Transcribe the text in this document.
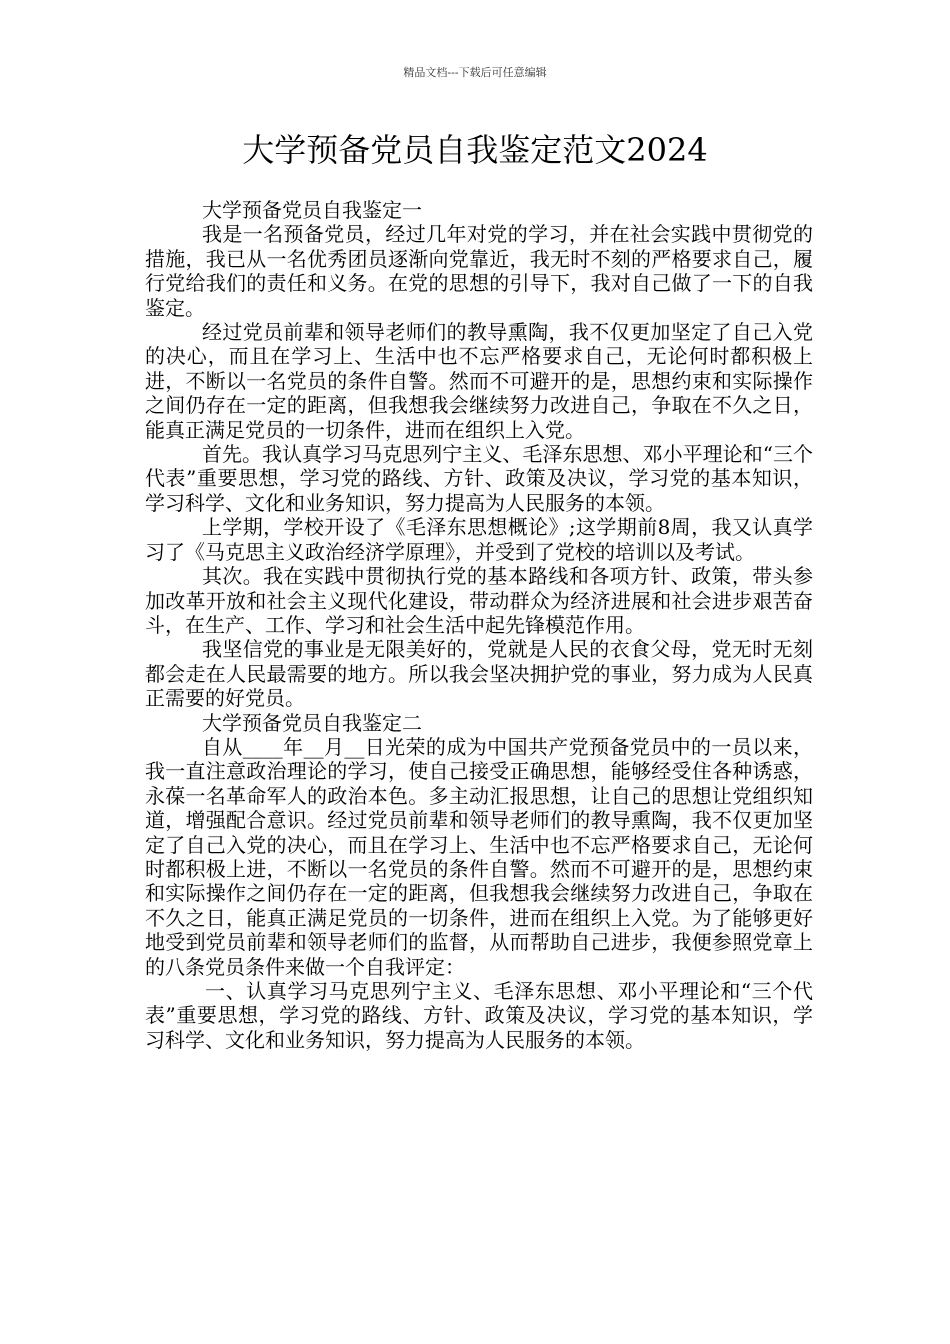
精品文档---下载后可任意编辑
大学预备党员自我鉴定范文2024

大学预备党员自我鉴定一

我是一名预备党员，经过几年对党的学习，并在社会实践中贯彻党的措施，我已从一名优秀团员逐渐向党靠近，我无时不刻的严格要求自己，履行党给我们的责任和义务。在党的思想的引导下，我对自己做了一下的自我鉴定。

经过党员前辈和领导老师们的教导熏陶，我不仅更加坚定了自己入党的决心，而且在学习上、生活中也不忘严格要求自己，无论何时都积极上进，不断以一名党员的条件自警。然而不可避开的是，思想约束和实际操作之间仍存在一定的距离，但我想我会继续努力改进自己，争取在不久之日，能真正满足党员的一切条件，进而在组织上入党。

首先。我认真学习马克思列宁主义、毛泽东思想、邓小平理论和“三个代表”重要思想，学习党的路线、方针、政策及决议，学习党的基本知识，学习科学、文化和业务知识，努力提高为人民服务的本领。

上学期，学校开设了《毛泽东思想概论》;这学期前8周，我又认真学习了《马克思主义政治经济学原理》，并受到了党校的培训以及考试。

其次。我在实践中贯彻执行党的基本路线和各项方针、政策，带头参加改革开放和社会主义现代化建设，带动群众为经济进展和社会进步艰苦奋斗，在生产、工作、学习和社会生活中起先锋模范作用。

我坚信党的事业是无限美好的，党就是人民的衣食父母，党无时无刻都会走在人民最需要的地方。所以我会坚决拥护党的事业，努力成为人民真正需要的好党员。

大学预备党员自我鉴定二

自从____年__月__日光荣的成为中国共产党预备党员中的一员以来，我一直注意政治理论的学习，使自己接受正确思想，能够经受住各种诱惑，永葆一名革命军人的政治本色。多主动汇报思想，让自己的思想让党组织知道，增强配合意识。经过党员前辈和领导老师们的教导熏陶，我不仅更加坚定了自己入党的决心，而且在学习上、生活中也不忘严格要求自己，无论何时都积极上进，不断以一名党员的条件自警。然而不可避开的是，思想约束和实际操作之间仍存在一定的距离，但我想我会继续努力改进自己，争取在不久之日，能真正满足党员的一切条件，进而在组织上入党。为了能够更好地受到党员前辈和领导老师们的监督，从而帮助自己进步，我便参照党章上的八条党员条件来做一个自我评定：

一、认真学习马克思列宁主义、毛泽东思想、邓小平理论和“三个代表”重要思想，学习党的路线、方针、政策及决议，学习党的基本知识，学习科学、文化和业务知识，努力提高为人民服务的本领。
